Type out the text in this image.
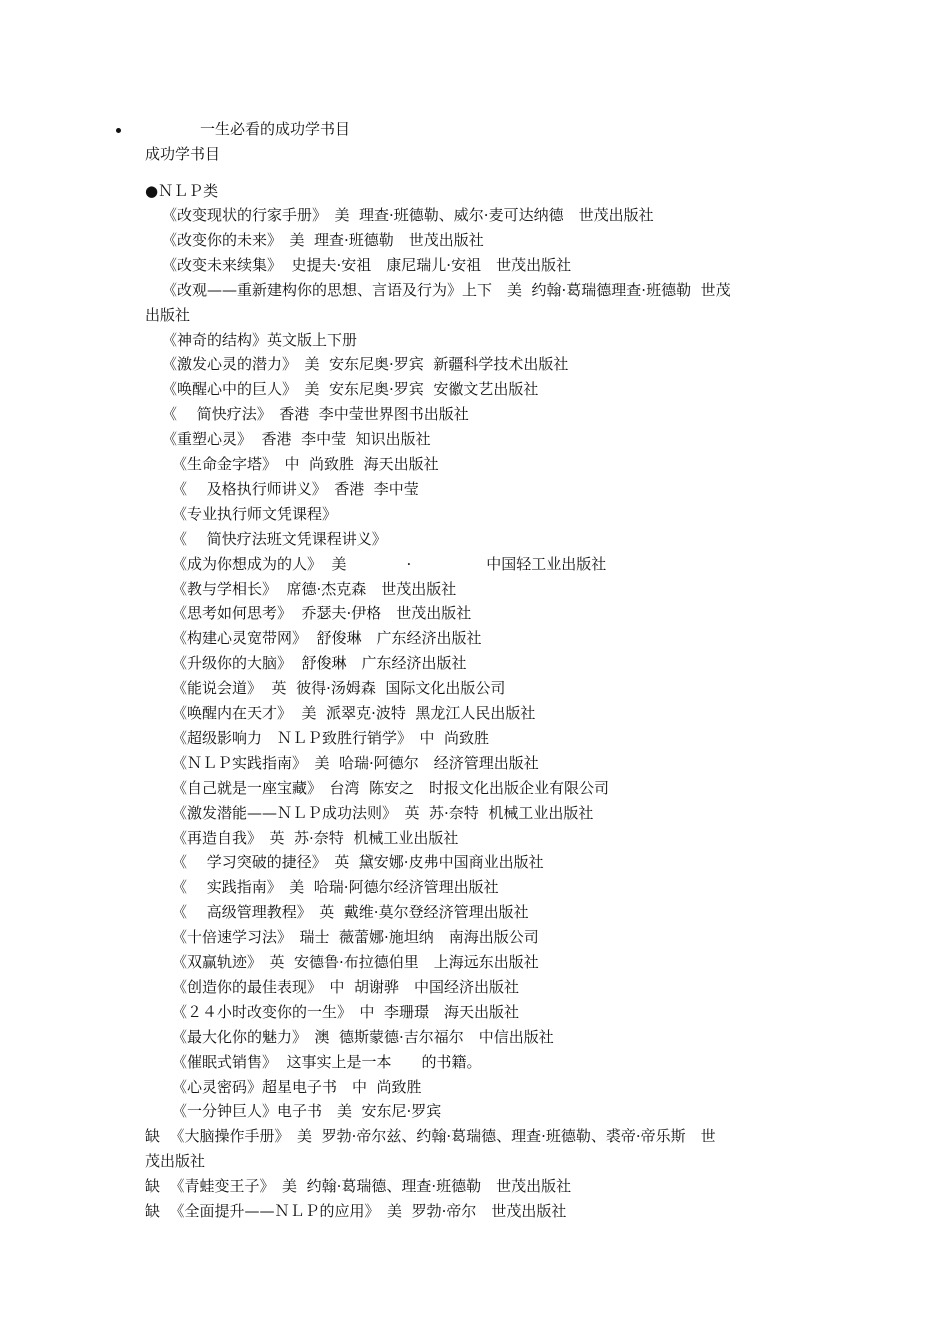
一生必看的成功学书目
成功学书目
●ＮＬＰ类
《改变现状的行家手册》　美  理查·班德勒、威尔·麦可达纳德　世茂出版社
《改变你的未来》　美  理查·班德勒　世茂出版社
《改变未来续集》  史提夫·安祖　康尼瑞儿·安祖　世茂出版社
《改观——重新建构你的思想、言语及行为》上下　美  约翰·葛瑞德理查·班德勒  世茂
出版社
《神奇的结构》英文版上下册
《激发心灵的潜力》　美  安东尼奥·罗宾  新疆科学技术出版社
《唤醒心中的巨人》　美  安东尼奥·罗宾  安徽文艺出版社
《　 简快疗法》　香港  李中莹世界图书出版社
《重塑心灵》  香港  李中莹  知识出版社
《生命金字塔》　中  尚致胜  海天出版社
《　 及格执行师讲义》　香港  李中莹
《专业执行师文凭课程》
《　 简快疗法班文凭课程讲义》
《成为你想成为的人》  美　　　　·　　　　　中国轻工业出版社
《教与学相长》  席德·杰克森　世茂出版社
《思考如何思考》  乔瑟夫·伊格　世茂出版社
《构建心灵宽带网》  舒俊琳　广东经济出版社
《升级你的大脑》  舒俊琳　广东经济出版社
《能说会道》  英  彼得·汤姆森  国际文化出版公司
《唤醒内在天才》  美  派翠克·波特  黑龙江人民出版社
《超级影响力　ＮＬＰ致胜行销学》　中  尚致胜
《ＮＬＰ实践指南》　美  哈瑞·阿德尔　经济管理出版社
《自己就是一座宝藏》　台湾  陈安之　时报文化出版企业有限公司
《激发潜能——ＮＬＰ成功法则》　英  苏·奈特  机械工业出版社
《再造自我》　英  苏·奈特  机械工业出版社
《　 学习突破的捷径》　英  黛安娜·皮弗中国商业出版社
《　 实践指南》　美  哈瑞·阿德尔经济管理出版社
《　 高级管理教程》　英  戴维·莫尔登经济管理出版社
《十倍速学习法》　瑞士  薇蕾娜·施坦纳　南海出版公司
《双赢轨迹》　英  安德鲁·布拉德伯里　上海远东出版社
《创造你的最佳表现》　中  胡谢骅　中国经济出版社
《２４小时改变你的一生》　中  李珊璟　海天出版社
《最大化你的魅力》　澳  德斯蒙德·吉尔福尔　中信出版社
《催眠式销售》  这事实上是一本　　的书籍。
《心灵密码》超星电子书　中  尚致胜
《一分钟巨人》电子书　美  安东尼·罗宾
缺  《大脑操作手册》　美  罗勃·帝尔兹、约翰·葛瑞德、理查·班德勒、裘帝·帝乐斯　世
茂出版社
缺  《青蛙变王子》　美  约翰·葛瑞德、理查·班德勒　世茂出版社
缺  《全面提升——ＮＬＰ的应用》　美  罗勃·帝尔　世茂出版社
